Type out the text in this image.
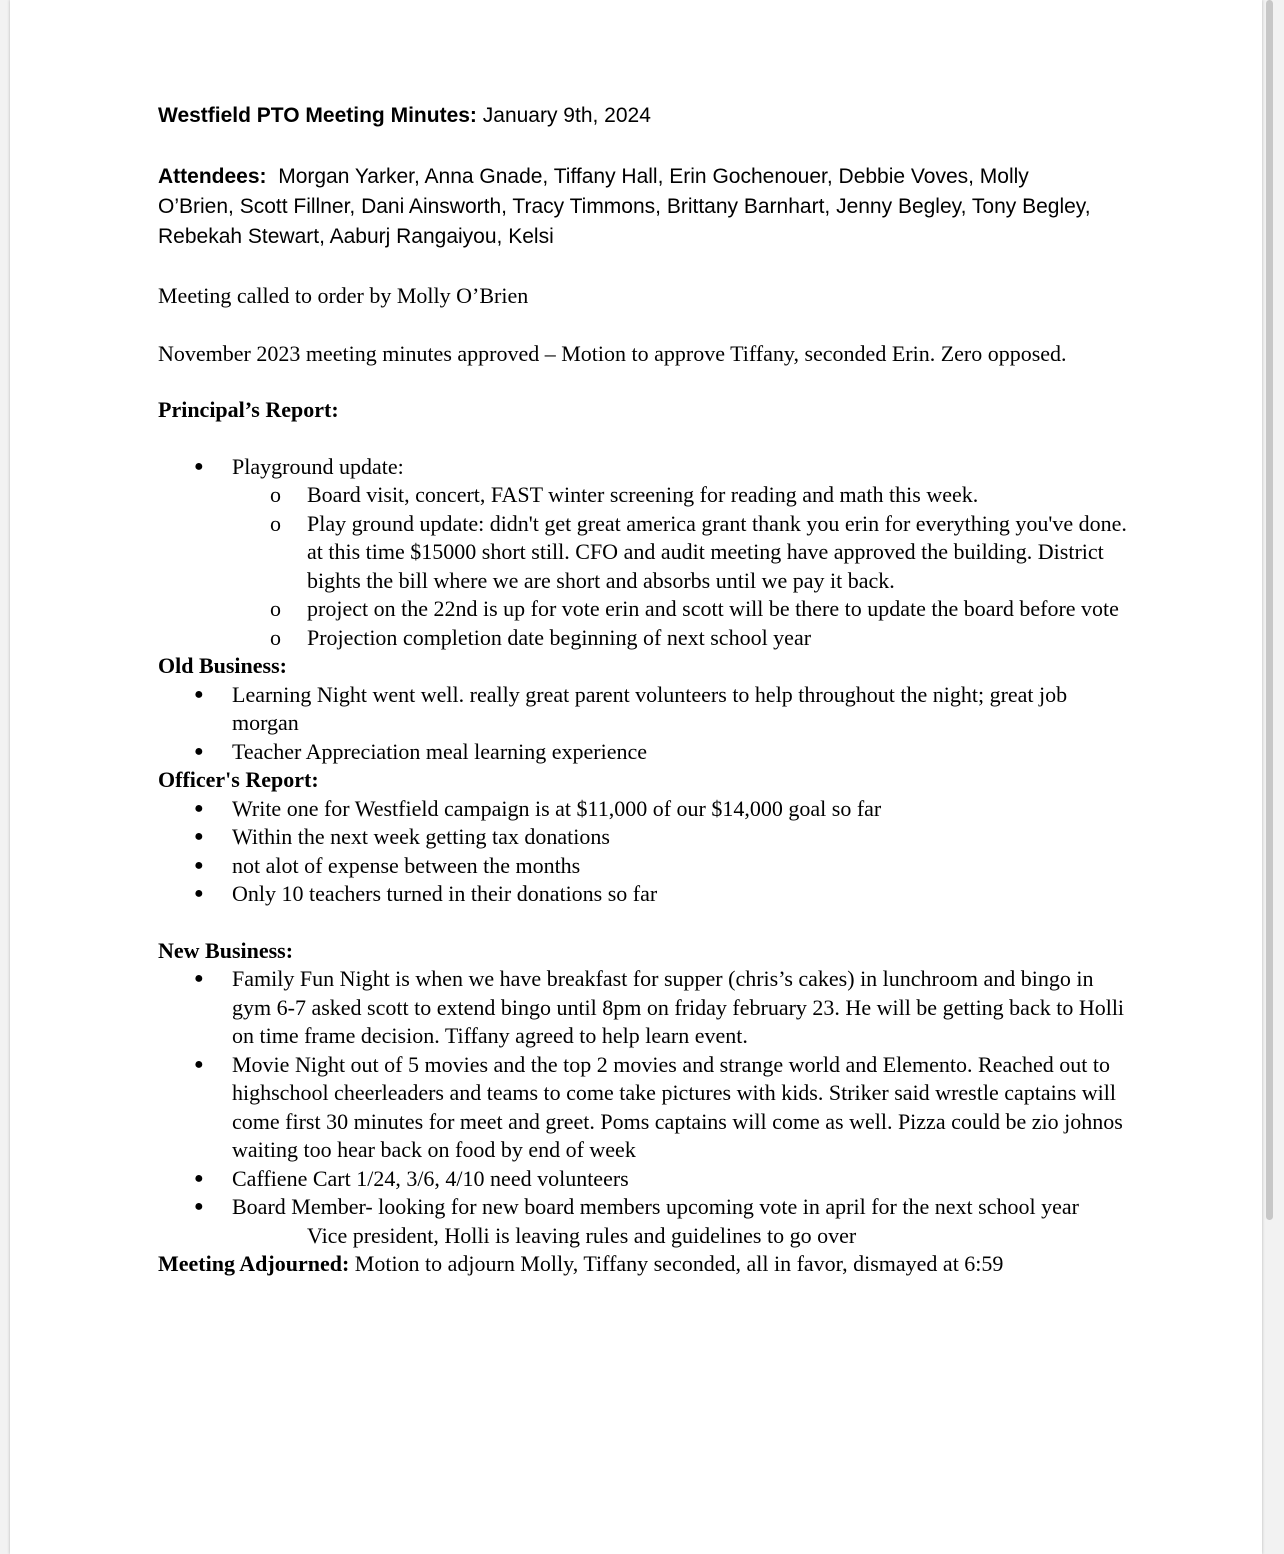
Westfield PTO Meeting Minutes: January 9th, 2024

Attendees: Morgan Yarker, Anna Gnade, Tiffany Hall, Erin Gochenouer, Debbie Voves, Molly O’Brien, Scott Fillner, Dani Ainsworth, Tracy Timmons, Brittany Barnhart, Jenny Begley, Tony Begley, Rebekah Stewart, Aaburj Rangaiyou, Kelsi

Meeting called to order by Molly O’Brien

November 2023 meeting minutes approved – Motion to approve Tiffany, seconded Erin. Zero opposed.

Principal’s Report:

● Playground update:
o Board visit, concert, FAST winter screening for reading and math this week.
o Play ground update: didn't get great america grant thank you erin for everything you've done. at this time $15000 short still. CFO and audit meeting have approved the building. District bights the bill where we are short and absorbs until we pay it back.
o project on the 22nd is up for vote erin and scott will be there to update the board before vote
o Projection completion date beginning of next school year

Old Business:

● Learning Night went well. really great parent volunteers to help throughout the night; great job morgan
● Teacher Appreciation meal learning experience

Officer's Report:

● Write one for Westfield campaign is at $11,000 of our $14,000 goal so far
● Within the next week getting tax donations
● not alot of expense between the months
● Only 10 teachers turned in their donations so far

New Business:

● Family Fun Night is when we have breakfast for supper (chris’s cakes) in lunchroom and bingo in gym 6-7 asked scott to extend bingo until 8pm on friday february 23. He will be getting back to Holli on time frame decision. Tiffany agreed to help learn event.
● Movie Night out of 5 movies and the top 2 movies and strange world and Elemento. Reached out to highschool cheerleaders and teams to come take pictures with kids. Striker said wrestle captains will come first 30 minutes for meet and greet. Poms captains will come as well. Pizza could be zio johnos waiting too hear back on food by end of week
● Caffiene Cart 1/24, 3/6, 4/10 need volunteers
● Board Member- looking for new board members upcoming vote in april for the next school year

Vice president, Holli is leaving rules and guidelines to go over

Meeting Adjourned: Motion to adjourn Molly, Tiffany seconded, all in favor, dismayed at 6:59
